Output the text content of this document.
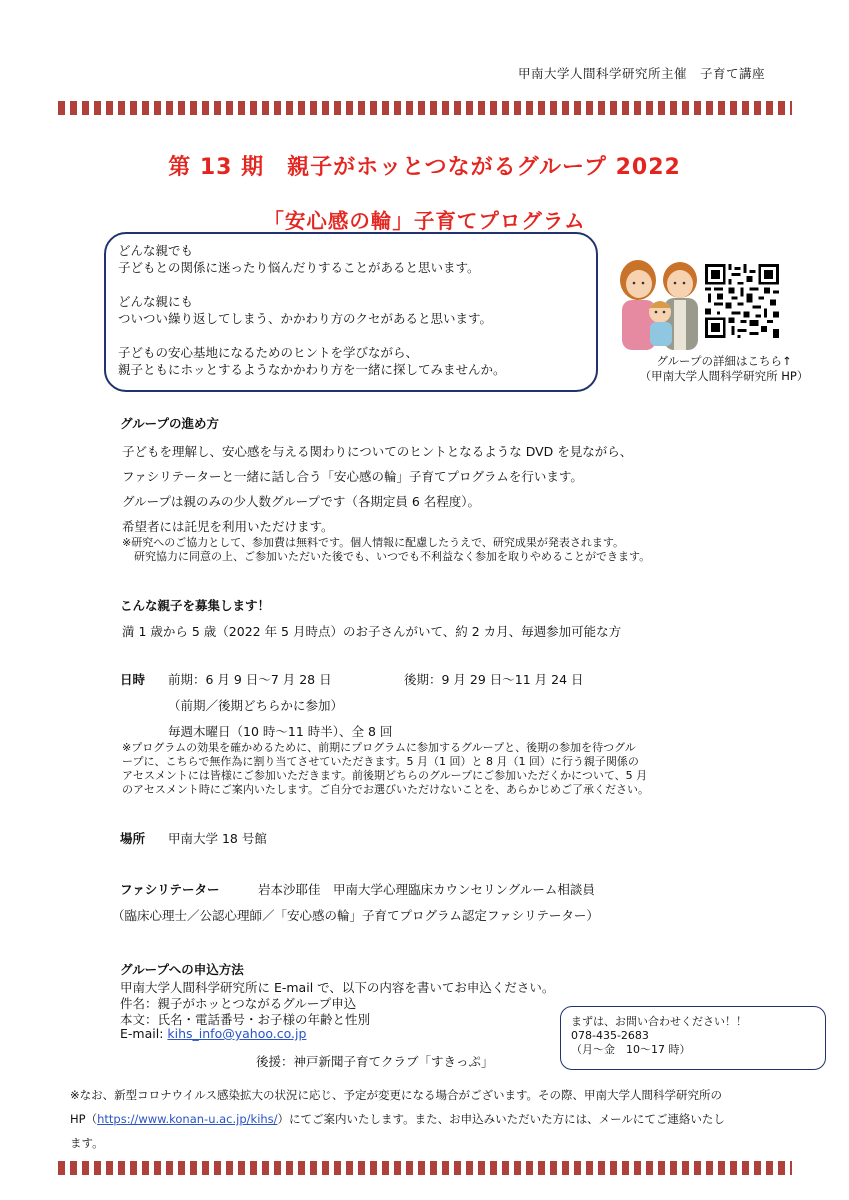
甲南大学人間科学研究所主催　子育て講座
第 13 期　親子がホッとつながるグループ 2022
「安心感の輪」子育てプログラム

どんな親でも
子どもとの関係に迷ったり悩んだりすることがあると思います。

どんな親にも
ついつい繰り返してしまう、かかわり方のクセがあると思います。

子どもの安心基地になるためのヒントを学びながら、
親子ともにホッとするようなかかわり方を一緒に探してみませんか。

グループの詳細はこちら↑
（甲南大学人間科学研究所 HP）
グループの進め方
子どもを理解し、安心感を与える関わりについてのヒントとなるような DVD を見ながら、
ファシリテーターと一緒に話し合う「安心感の輪」子育てプログラムを行います。
グループは親のみの少人数グループです（各期定員 6 名程度）。
希望者には託児を利用いただけます。
※研究へのご協力として、参加費は無料です。個人情報に配慮したうえで、研究成果が発表されます。
研究協力に同意の上、ご参加いただいた後でも、いつでも不利益なく参加を取りやめることができます。
こんな親子を募集します！
満 1 歳から 5 歳（2022 年 5 月時点）のお子さんがいて、約 2 カ月、毎週参加可能な方
日時 前期：6 月 9 日～7 月 28 日	後期：9 月 29 日～11 月 24 日
（前期／後期どちらかに参加）
毎週木曜日（10 時～11 時半）、全 8 回
※プログラムの効果を確かめるために、前期にプログラムに参加するグループと、後期の参加を待つグル
ープに、こちらで無作為に割り当てさせていただきます。5 月（1 回）と 8 月（1 回）に行う親子関係の
アセスメントには皆様にご参加いただきます。前後期どちらのグループにご参加いただくかについて、5 月
のアセスメント時にご案内いたします。ご自分でお選びいただけないことを、あらかじめご了承ください。
場所 甲南大学 18 号館
ファシリテーター	岩本沙耶佳　甲南大学心理臨床カウンセリングルーム相談員
（臨床心理士／公認心理師／「安心感の輪」子育てプログラム認定ファシリテーター）
グループへの申込方法
甲南大学人間科学研究所に E-mail で、以下の内容を書いてお申込ください。
件名：親子がホッとつながるグループ申込
本文：氏名・電話番号・お子様の年齢と性別
E-mail: kihs_info@yahoo.co.jp
後援：神戸新聞子育てクラブ「すきっぷ」
まずは、お問い合わせください！！
078-435-2683
（月～金　10～17 時）
※なお、新型コロナウイルス感染拡大の状況に応じ、予定が変更になる場合がございます。その際、甲南大学人間科学研究所の
HP（https://www.konan-u.ac.jp/kihs/）にてご案内いたします。また、お申込みいただいた方には、メールにてご連絡いたし
ます。
